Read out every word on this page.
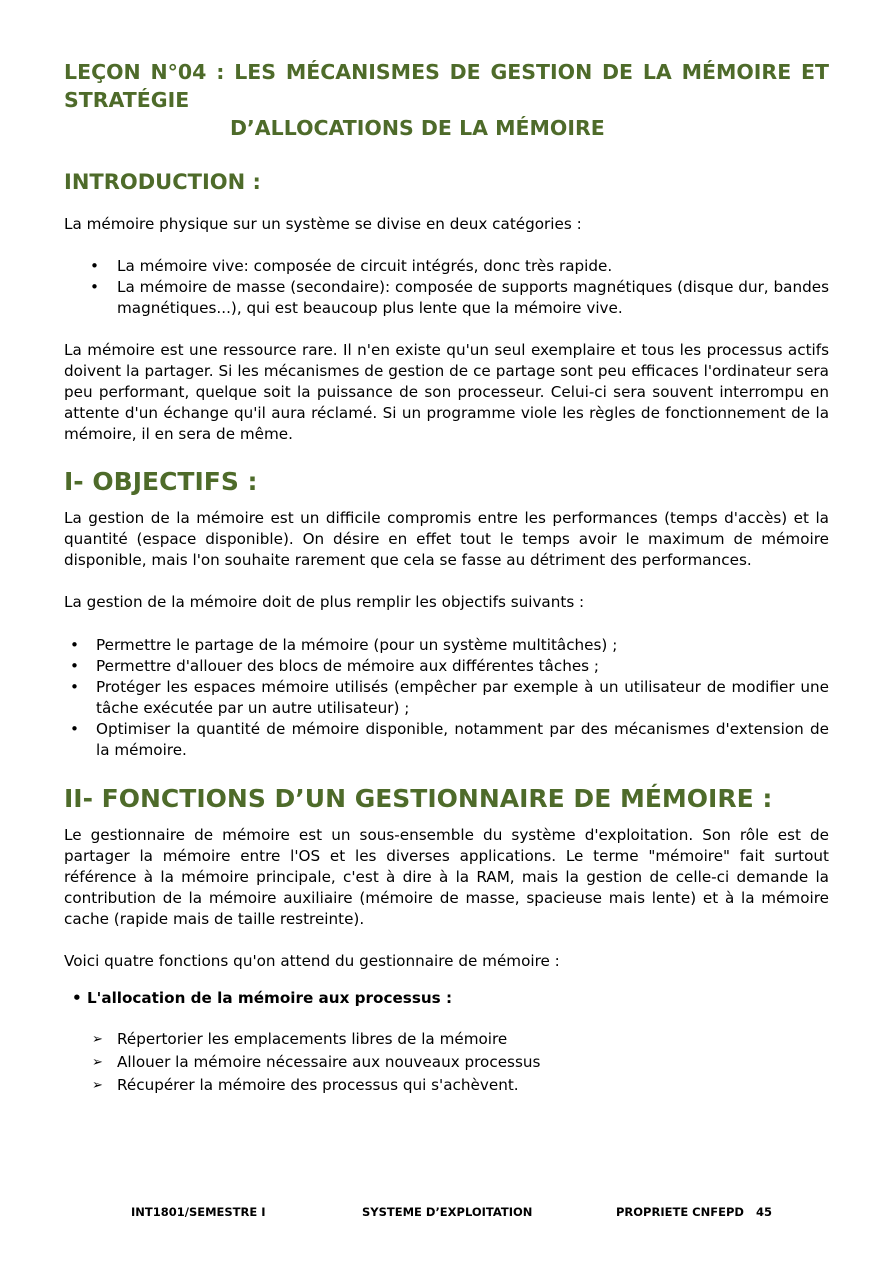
LEÇON N°04 : LES MÉCANISMES DE GESTION DE LA MÉMOIRE ET
STRATÉGIE
D’ALLOCATIONS DE LA MÉMOIRE
INTRODUCTION :

La mémoire physique sur un système se divise en deux catégories :

• La mémoire vive: composée de circuit intégrés, donc très rapide.
• La mémoire de masse (secondaire): composée de supports magnétiques (disque dur, bandes magnétiques...), qui est beaucoup plus lente que la mémoire vive.

La mémoire est une ressource rare. Il n'en existe qu'un seul exemplaire et tous les processus actifs doivent la partager. Si les mécanismes de gestion de ce partage sont peu efficaces l'ordinateur sera peu performant, quelque soit la puissance de son processeur. Celui-ci sera souvent interrompu en attente d'un échange qu'il aura réclamé. Si un programme viole les règles de fonctionnement de la mémoire, il en sera de même.

I- OBJECTIFS :

La gestion de la mémoire est un difficile compromis entre les performances (temps d'accès) et la quantité (espace disponible). On désire en effet tout le temps avoir le maximum de mémoire disponible, mais l'on souhaite rarement que cela se fasse au détriment des performances.

La gestion de la mémoire doit de plus remplir les objectifs suivants :

• Permettre le partage de la mémoire (pour un système multitâches) ;
• Permettre d'allouer des blocs de mémoire aux différentes tâches ;
• Protéger les espaces mémoire utilisés (empêcher par exemple à un utilisateur de modifier une tâche exécutée par un autre utilisateur) ;
• Optimiser la quantité de mémoire disponible, notamment par des mécanismes d'extension de la mémoire.
II- FONCTIONS D’UN GESTIONNAIRE DE MÉMOIRE :

Le gestionnaire de mémoire est un sous-ensemble du système d'exploitation. Son rôle est de partager la mémoire entre l'OS et les diverses applications. Le terme "mémoire" fait surtout référence à la mémoire principale, c'est à dire à la RAM, mais la gestion de celle-ci demande la contribution de la mémoire auxiliaire (mémoire de masse, spacieuse mais lente) et à la mémoire cache (rapide mais de taille restreinte).

Voici quatre fonctions qu'on attend du gestionnaire de mémoire :

• L'allocation de la mémoire aux processus :
➢ Répertorier les emplacements libres de la mémoire
➢ Allouer la mémoire nécessaire aux nouveaux processus
➢ Récupérer la mémoire des processus qui s'achèvent.
INT1801/SEMESTRE I	SYSTEME D’EXPLOITATION	PROPRIETE CNFEPD 45
